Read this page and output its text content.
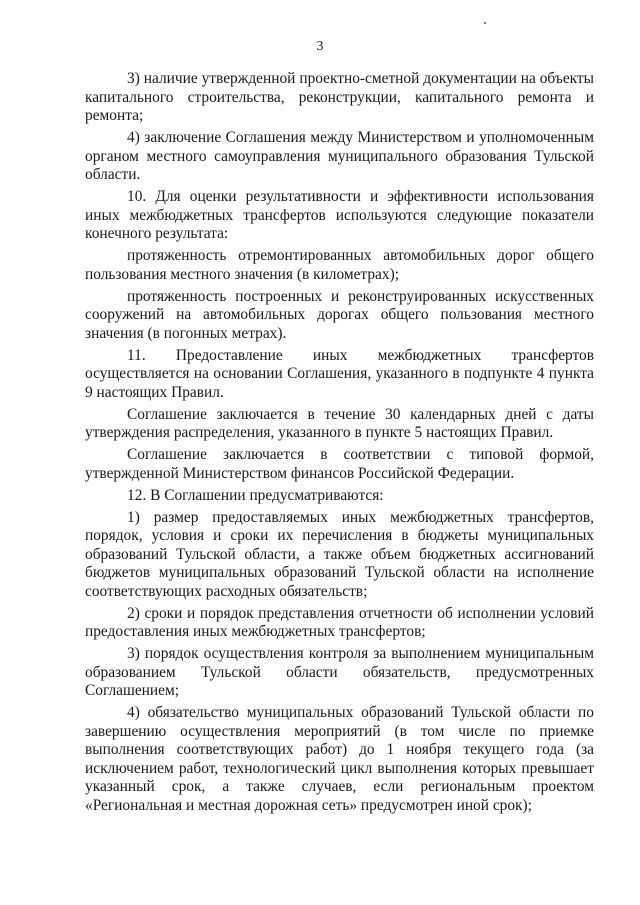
3

3) наличие утвержденной проектно-сметной документации на объекты капитального строительства, реконструкции, капитального ремонта и ремонта;

4) заключение Соглашения между Министерством и уполномоченным органом местного самоуправления муниципального образования Тульской области.

10. Для оценки результативности и эффективности использования иных межбюджетных трансфертов используются следующие показатели конечного результата:

протяженность отремонтированных автомобильных дорог общего пользования местного значения (в километрах);

протяженность построенных и реконструированных искусственных сооружений на автомобильных дорогах общего пользования местного значения (в погонных метрах).

11. Предоставление иных межбюджетных трансфертов осуществляется на основании Соглашения, указанного в подпункте 4 пункта 9 настоящих Правил.

Соглашение заключается в течение 30 календарных дней с даты утверждения распределения, указанного в пункте 5 настоящих Правил.

Соглашение заключается в соответствии с типовой формой, утвержденной Министерством финансов Российской Федерации.

12. В Соглашении предусматриваются:

1) размер предоставляемых иных межбюджетных трансфертов, порядок, условия и сроки их перечисления в бюджеты муниципальных образований Тульской области, а также объем бюджетных ассигнований бюджетов муниципальных образований Тульской области на исполнение соответствующих расходных обязательств;

2) сроки и порядок представления отчетности об исполнении условий предоставления иных межбюджетных трансфертов;

3) порядок осуществления контроля за выполнением муниципальным образованием Тульской области обязательств, предусмотренных Соглашением;

4) обязательство муниципальных образований Тульской области по завершению осуществления мероприятий (в том числе по приемке выполнения соответствующих работ) до 1 ноября текущего года (за исключением работ, технологический цикл выполнения которых превышает указанный срок, а также случаев, если региональным проектом «Региональная и местная дорожная сеть» предусмотрен иной срок);
